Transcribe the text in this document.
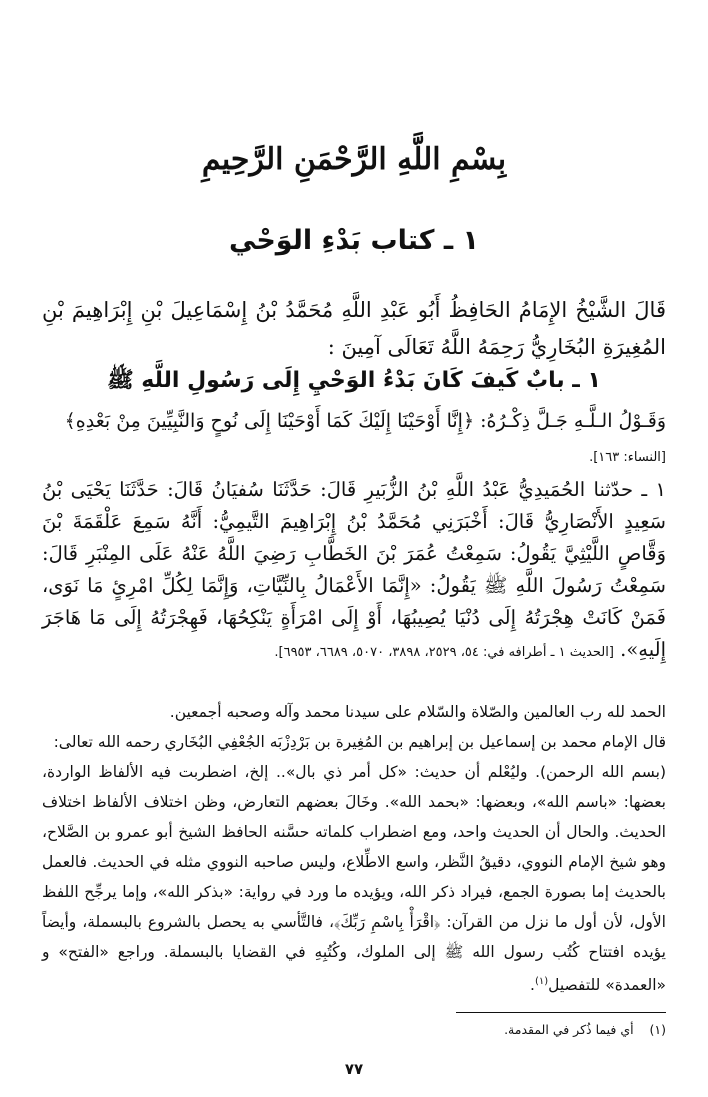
بِسْمِ اللَّهِ الرَّحْمَنِ الرَّحِيمِ
١ ـ كتاب بَدْءِ الوَحْي
قَالَ الشَّيْخُ الإِمَامُ الحَافِظُ أَبُو عَبْدِ اللَّهِ مُحَمَّدُ بْنُ إِسْمَاعِيلَ بْنِ إِبْرَاهِيمَ بْنِ المُغِيرَةِ البُخَارِيُّ رَحِمَهُ اللَّهُ تَعَالَى آمِينَ :
١ ـ بابٌ كَيفَ كَانَ بَدْءُ الوَحْيِ إِلَى رَسُولِ اللَّهِ ﷺ
وَقَـوْلُ الـلَّـهِ جَـلَّ ذِكْـرُهُ: ﴿إِنَّا أَوْحَيْنَا إِلَيْكَ كَمَا أَوْحَيْنَا إِلَى نُوحٍ وَالنَّبِيِّينَ مِنْ بَعْدِهِ﴾
[النساء: ١٦٣].
١ ـ حدّثنا الحُمَيدِيُّ عَبْدُ اللَّهِ بْنُ الزُّبَيرِ قَالَ: حَدَّثَنَا سُفيَانُ قَالَ: حَدَّثَنَا يَحْيَى بْنُ سَعِيدٍ الأَنْصَارِيُّ قَالَ: أَخْبَرَنِي مُحَمَّدُ بْنُ إِبْرَاهِيمَ التَّيمِيُّ: أَنَّهُ سَمِعَ عَلْقَمَةَ بْنَ وَقَّاصٍ اللَّيْثِيَّ يَقُولُ: سَمِعْتُ عُمَرَ بْنَ الخَطَّابِ رَضِيَ اللَّهُ عَنْهُ عَلَى المِنْبَرِ قَالَ: سَمِعْتُ رَسُولَ اللَّهِ ﷺ يَقُولُ: «إِنَّمَا الأَعْمَالُ بِالنِّيَّاتِ، وَإِنَّمَا لِكُلِّ امْرِئٍ مَا نَوَى، فَمَنْ كَانَتْ هِجْرَتُهُ إِلَى دُنْيَا يُصِيبُهَا، أَوْ إِلَى امْرَأَةٍ يَنْكِحُهَا، فَهِجْرَتُهُ إِلَى مَا هَاجَرَ إِلَيهِ». [الحديث ١ ـ أطرافه في: ٥٤، ٢٥٢٩، ٣٨٩٨، ٥٠٧٠، ٦٦٨٩، ٦٩٥٣].

الحمد لله رب العالمين والصّلاة والسّلام على سيدنا محمد وآله وصحبه أجمعين.

قال الإمام محمد بن إسماعيل بن إبراهيم بن المُغِيرة بن بَرْدِزْبَه الجُعْفِي البُخَاري رحمه الله تعالى:

(بسم الله الرحمن). وليُعْلم أن حديث: «كل أمر ذي بال».. إلخ، اضطربت فيه الألفاظ الواردة، بعضها: «باسم الله»، وبعضها: «بحمد الله». وخَالَ بعضهم التعارض، وظن اختلاف الألفاظ اختلاف الحديث. والحال أن الحديث واحد، ومع اضطراب كلماته حسَّنه الحافظ الشيخ أبو عمرو بن الصَّلاح، وهو شيخ الإمام النووي، دقيقُ النَّظر، واسع الاطِّلاع، وليس صاحبه النووي مثله في الحديث. فالعمل بالحديث إما بصورة الجمع، فيراد ذكر الله، ويؤيده ما ورد في رواية: «بذكر الله»، وإما يرجِّح اللفظ الأول، لأن أول ما نزل من القرآن: ﴿اقْرَأْ بِاسْمِ رَبِّكَ﴾، فالتَّأسي به يحصل بالشروع بالبسملة، وأيضاً يؤيده افتتاح كُتُب رسول الله ﷺ إلى الملوك، وكُتُبِهِ في القضايا بالبسملة. وراجع «الفتح» و «العمدة» للتفصيل$^{(١)}$.

(١)    أي فيما ذُكر في المقدمة.
٧٧
